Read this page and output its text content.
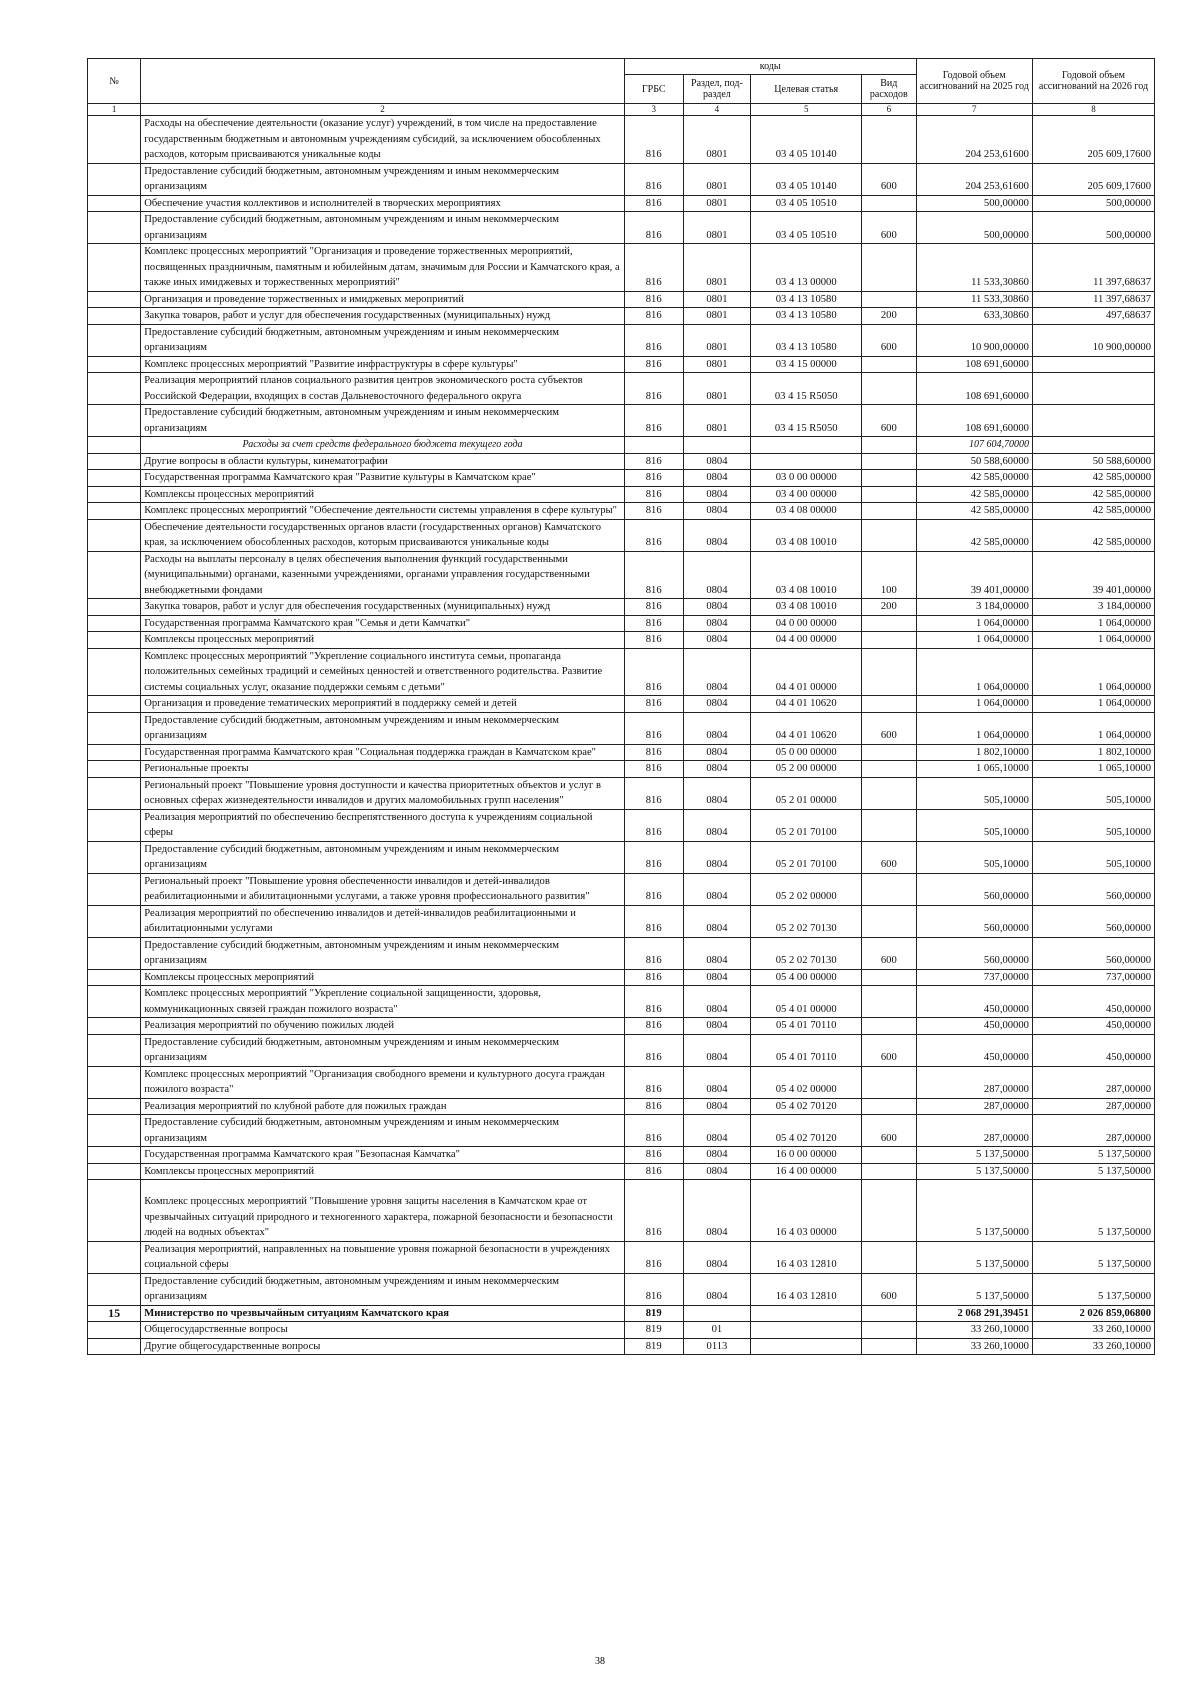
№		коды				Годовой объем ассигнований на 2025 год	Годовой объем ассигнований на 2026 год
		ГРБС	Раздел, под-раздел	Целевая статья	Вид расходов		
1	2	3	4	5	6	7	8
	Расходы на обеспечение деятельности (оказание услуг) учреждений, в том числе на предоставление государственным бюджетным и автономным учреждениям субсидий, за исключением обособленных расходов, которым присваиваются уникальные коды	816	0801	03 4 05 10140		204 253,61600	205 609,17600
	Предоставление субсидий бюджетным, автономным учреждениям и иным некоммерческим организациям	816	0801	03 4 05 10140	600	204 253,61600	205 609,17600
	Обеспечение участия коллективов и исполнителей в творческих мероприятиях	816	0801	03 4 05 10510		500,00000	500,00000
	Предоставление субсидий бюджетным, автономным учреждениям и иным некоммерческим организациям	816	0801	03 4 05 10510	600	500,00000	500,00000
	Комплекс процессных мероприятий "Организация и проведение торжественных мероприятий, посвященных праздничным, памятным и юбилейным датам, значимым для России и Камчатского края, а также иных имиджевых и торжественных мероприятий"	816	0801	03 4 13 00000		11 533,30860	11 397,68637
	Организация и проведение торжественных и имиджевых мероприятий	816	0801	03 4 13 10580		11 533,30860	11 397,68637
	Закупка товаров, работ и услуг для обеспечения государственных (муниципальных) нужд	816	0801	03 4 13 10580	200	633,30860	497,68637
	Предоставление субсидий бюджетным, автономным учреждениям и иным некоммерческим организациям	816	0801	03 4 13 10580	600	10 900,00000	10 900,00000
	Комплекс процессных мероприятий "Развитие инфраструктуры в сфере культуры"	816	0801	03 4 15 00000		108 691,60000	
	Реализация мероприятий планов социального развития центров экономического роста субъектов Российской Федерации, входящих в состав Дальневосточного федерального округа	816	0801	03 4 15 R5050		108 691,60000	
	Предоставление субсидий бюджетным, автономным учреждениям и иным некоммерческим организациям	816	0801	03 4 15 R5050	600	108 691,60000	
	Расходы за счет средств федерального бюджета текущего года					107 604,70000	
	Другие вопросы в области культуры, кинематографии	816	0804			50 588,60000	50 588,60000
	Государственная программа Камчатского края "Развитие культуры в Камчатском крае"	816	0804	03 0 00 00000		42 585,00000	42 585,00000
	Комплексы процессных мероприятий	816	0804	03 4 00 00000		42 585,00000	42 585,00000
	Комплекс процессных мероприятий "Обеспечение деятельности системы управления в сфере культуры"	816	0804	03 4 08 00000		42 585,00000	42 585,00000
	Обеспечение деятельности государственных органов власти (государственных органов) Камчатского края, за исключением обособленных расходов, которым присваиваются уникальные коды	816	0804	03 4 08 10010		42 585,00000	42 585,00000
	Расходы на выплаты персоналу в целях обеспечения выполнения функций государственными (муниципальными) органами, казенными учреждениями, органами управления государственными внебюджетными фондами	816	0804	03 4 08 10010	100	39 401,00000	39 401,00000
	Закупка товаров, работ и услуг для обеспечения государственных (муниципальных) нужд	816	0804	03 4 08 10010	200	3 184,00000	3 184,00000
	Государственная программа Камчатского края "Семья и дети Камчатки"	816	0804	04 0 00 00000		1 064,00000	1 064,00000
	Комплексы процессных мероприятий	816	0804	04 4 00 00000		1 064,00000	1 064,00000
	Комплекс процессных мероприятий "Укрепление социального института семьи, пропаганда положительных семейных традиций и семейных ценностей и ответственного родительства. Развитие системы социальных услуг, оказание поддержки семьям с детьми"	816	0804	04 4 01 00000		1 064,00000	1 064,00000
	Организация и проведение тематических мероприятий в поддержку семей и детей	816	0804	04 4 01 10620		1 064,00000	1 064,00000
	Предоставление субсидий бюджетным, автономным учреждениям и иным некоммерческим организациям	816	0804	04 4 01 10620	600	1 064,00000	1 064,00000
	Государственная программа Камчатского края "Социальная поддержка граждан в Камчатском крае"	816	0804	05 0 00 00000		1 802,10000	1 802,10000
	Региональные проекты	816	0804	05 2 00 00000		1 065,10000	1 065,10000
	Региональный проект "Повышение уровня доступности и качества приоритетных объектов и услуг в основных сферах жизнедеятельности инвалидов и других маломобильных групп населения"	816	0804	05 2 01 00000		505,10000	505,10000
	Реализация мероприятий по обеспечению беспрепятственного доступа к учреждениям социальной сферы	816	0804	05 2 01 70100		505,10000	505,10000
	Предоставление субсидий бюджетным, автономным учреждениям и иным некоммерческим организациям	816	0804	05 2 01 70100	600	505,10000	505,10000
	Региональный проект "Повышение уровня обеспеченности инвалидов и детей-инвалидов реабилитационными и абилитационными услугами, а также уровня профессионального развития"	816	0804	05 2 02 00000		560,00000	560,00000
	Реализация мероприятий по обеспечению инвалидов и детей-инвалидов реабилитационными и абилитационными услугами	816	0804	05 2 02 70130		560,00000	560,00000
	Предоставление субсидий бюджетным, автономным учреждениям и иным некоммерческим организациям	816	0804	05 2 02 70130	600	560,00000	560,00000
	Комплексы процессных мероприятий	816	0804	05 4 00 00000		737,00000	737,00000
	Комплекс процессных мероприятий "Укрепление социальной защищенности, здоровья, коммуникационных связей граждан пожилого возраста"	816	0804	05 4 01 00000		450,00000	450,00000
	Реализация мероприятий по обучению пожилых людей	816	0804	05 4 01 70110		450,00000	450,00000
	Предоставление субсидий бюджетным, автономным учреждениям и иным некоммерческим организациям	816	0804	05 4 01 70110	600	450,00000	450,00000
	Комплекс процессных мероприятий "Организация свободного времени и культурного досуга граждан пожилого возраста"	816	0804	05 4 02 00000		287,00000	287,00000
	Реализация мероприятий по клубной работе для пожилых граждан	816	0804	05 4 02 70120		287,00000	287,00000
	Предоставление субсидий бюджетным, автономным учреждениям и иным некоммерческим организациям	816	0804	05 4 02 70120	600	287,00000	287,00000
	Государственная программа Камчатского края "Безопасная Камчатка"	816	0804	16 0 00 00000		5 137,50000	5 137,50000
	Комплексы процессных мероприятий	816	0804	16 4 00 00000		5 137,50000	5 137,50000
	Комплекс процессных мероприятий "Повышение уровня защиты населения в Камчатском крае от чрезвычайных ситуаций природного и техногенного характера, пожарной безопасности и безопасности людей на водных объектах"	816	0804	16 4 03 00000		5 137,50000	5 137,50000
	Реализация мероприятий, направленных на повышение уровня пожарной безопасности в учреждениях социальной сферы	816	0804	16 4 03 12810		5 137,50000	5 137,50000
	Предоставление субсидий бюджетным, автономным учреждениям и иным некоммерческим организациям	816	0804	16 4 03 12810	600	5 137,50000	5 137,50000
15	Министерство по чрезвычайным ситуациям Камчатского края	819				2 068 291,39451	2 026 859,06800
	Общегосударственные вопросы	819	01			33 260,10000	33 260,10000
	Другие общегосударственные вопросы	819	0113			33 260,10000	33 260,10000
38
